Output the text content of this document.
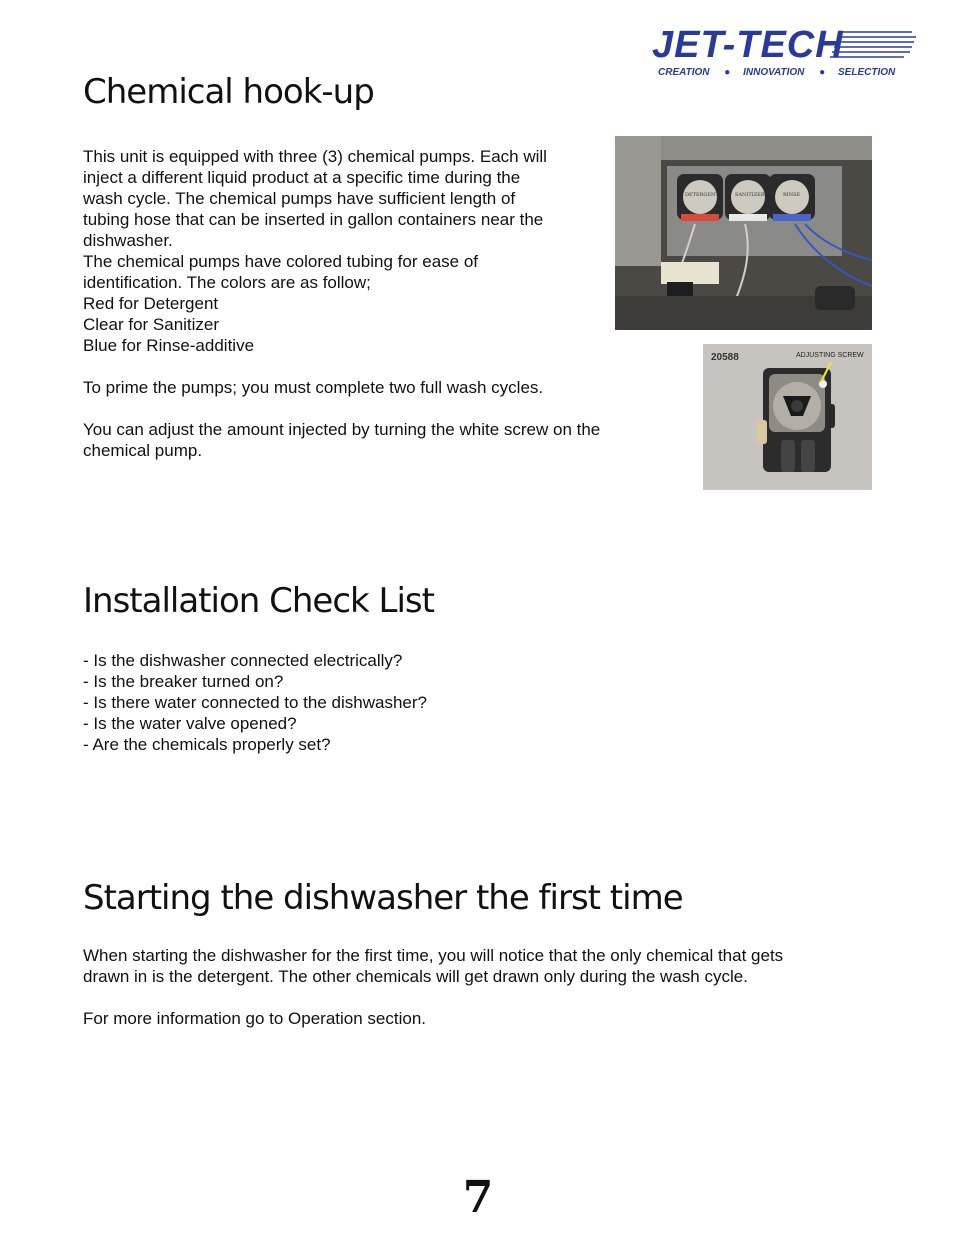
JET-TECH
CREATION ● INNOVATION ● SELECTION
Chemical hook-up
This unit is equipped with three (3) chemical pumps. Each will
inject a different liquid product at a specific time during the
wash cycle. The chemical pumps have sufficient length of
tubing hose that can be inserted in gallon containers near the
dishwasher.
The chemical pumps have colored tubing for ease of
identification. The colors are as follow;
Red for Detergent
Clear for Sanitizer
Blue for Rinse-additive

To prime the pumps; you must complete two full wash cycles.

You can adjust the amount injected by turning the white screw on the
chemical pump.
DETERGENT	SANITIZER	RINSE
20588	ADJUSTING SCREW
Installation Check List
- Is the dishwasher connected electrically?
- Is the breaker turned on?
- Is there water connected to the dishwasher?
- Is the water valve opened?
- Are the chemicals properly set?
Starting the dishwasher the first time
When starting the dishwasher for the first time, you will notice that the only chemical that gets
drawn in is the detergent. The other chemicals will get drawn only during the wash cycle.

For more information go to Operation section.
7
